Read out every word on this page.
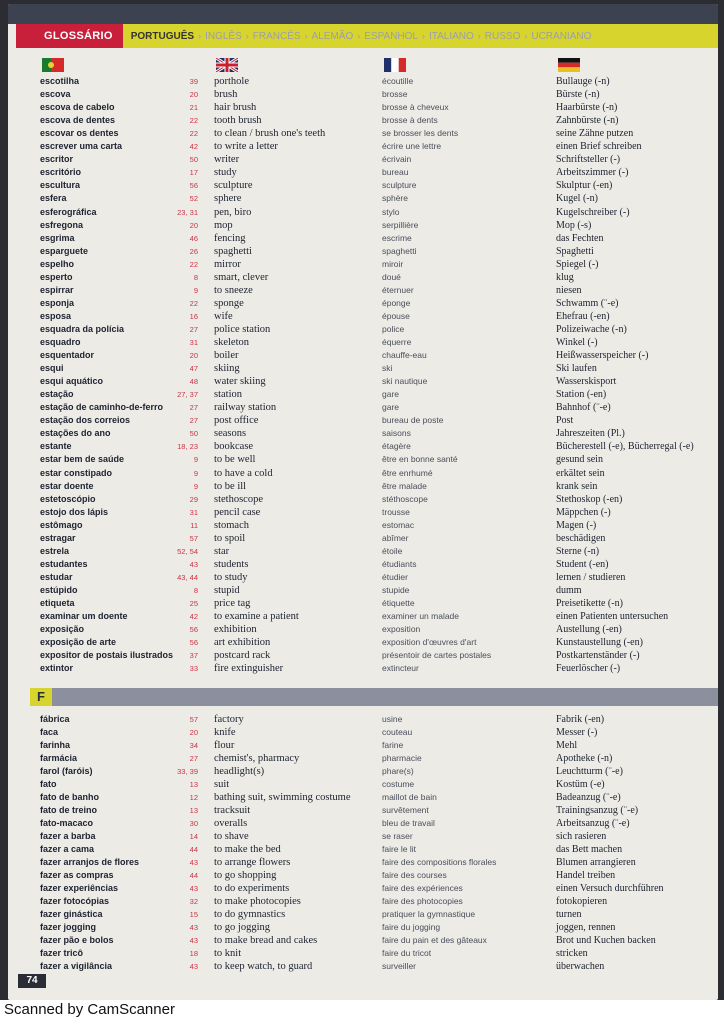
GLOSSÁRIO	PORTUGUÊS › INGLÊS › FRANCÊS › ALEMÃO › ESPANHOL › ITALIANO › RUSSO › UCRANIANO
escotilha	39 porthole	écoutille	Bullauge (-n)
escova	20 brush	brosse	Bürste (-n)
escova de cabelo	21 hair brush	brosse à cheveux	Haarbürste (-n)
escova de dentes	22 tooth brush	brosse à dents	Zahnbürste (-n)
escovar os dentes	22 to clean / brush one's teeth	se brosser les dents	seine Zähne putzen
escrever uma carta	42 to write a letter	écrire une lettre	einen Brief schreiben
escritor	50 writer	écrivain	Schriftsteller (-)
escritório	17 study	bureau	Arbeitszimmer (-)
escultura	56 sculpture	sculpture	Skulptur (-en)
esfera	52 sphere	sphère	Kugel (-n)
esferográfica	23, 31 pen, biro	stylo	Kugelschreiber (-)
esfregona	20 mop	serpillière	Mop (-s)
esgrima	46 fencing	escrime	das Fechten
esparguete	26 spaghetti	spaghetti	Spaghetti
espelho	22 mirror	miroir	Spiegel (-)
esperto	8 smart, clever	doué	klug
espirrar	9 to sneeze	éternuer	niesen
esponja	22 sponge	éponge	Schwamm (¨-e)
esposa	16 wife	épouse	Ehefrau (-en)
esquadra da polícia	27 police station	police	Polizeiwache (-n)
esquadro	31 skeleton	équerre	Winkel (-)
esquentador	20 boiler	chauffe-eau	Heißwasserspeicher (-)
esqui	47 skiing	ski	Ski laufen
esqui aquático	48 water skiing	ski nautique	Wasserskisport
estação	27, 37 station	gare	Station (-en)
estação de caminho-de-ferro	27 railway station	gare	Bahnhof (¨-e)
estação dos correios	27 post office	bureau de poste	Post
estações do ano	50 seasons	saisons	Jahreszeiten (Pl.)
estante	18, 23 bookcase	étagère	Bücherestell (-e), Bücherregal (-e)
estar bem de saúde	9 to be well	être en bonne santé	gesund sein
estar constipado	9 to have a cold	être enrhumé	erkältet sein
estar doente	9 to be ill	être malade	krank sein
estetoscópio	29 stethoscope	stéthoscope	Stethoskop (-en)
estojo dos lápis	31 pencil case	trousse	Mäppchen (-)
estômago	11 stomach	estomac	Magen (-)
estragar	57 to spoil	abîmer	beschädigen
estrela	52, 54 star	étoile	Sterne (-n)
estudantes	43 students	étudiants	Student (-en)
estudar	43, 44 to study	étudier	lernen / studieren
estúpido	8 stupid	stupide	dumm
etiqueta	25 price tag	étiquette	Preisetikette (-n)
examinar um doente	42 to examine a patient	examiner un malade	einen Patienten untersuchen
exposição	56 exhibition	exposition	Austellung (-en)
exposição de arte	56 art exhibition	exposition d'œuvres d'art	Kunstaustellung (-en)
expositor de postais ilustrados	37 postcard rack	présentoir de cartes postales	Postkartenständer (-)
extintor	33 fire extinguisher	extincteur	Feuerlöscher (-)
F
fábrica	57 factory	usine	Fabrik (-en)
faca	20 knife	couteau	Messer (-)
farinha	34 flour	farine	Mehl
farmácia	27 chemist's, pharmacy	pharmacie	Apotheke (-n)
farol (faróis)	33, 39 headlight(s)	phare(s)	Leuchtturm (¨-e)
fato	13 suit	costume	Kostüm (-e)
fato de banho	12 bathing suit, swimming costume	maillot de bain	Badeanzug (¨-e)
fato de treino	13 tracksuit	survêtement	Trainingsanzug (¨-e)
fato-macaco	30 overalls	bleu de travail	Arbeitsanzug (¨-e)
fazer a barba	14 to shave	se raser	sich rasieren
fazer a cama	44 to make the bed	faire le lit	das Bett machen
fazer arranjos de flores	43 to arrange flowers	faire des compositions florales	Blumen arrangieren
fazer as compras	44 to go shopping	faire des courses	Handel treiben
fazer experiências	43 to do experiments	faire des expériences	einen Versuch durchführen
fazer fotocópias	32 to make photocopies	faire des photocopies	fotokopieren
fazer ginástica	15 to do gymnastics	pratiquer la gymnastique	turnen
fazer jogging	43 to go jogging	faire du jogging	joggen, rennen
fazer pão e bolos	43 to make bread and cakes	faire du pain et des gâteaux	Brot und Kuchen backen
fazer tricô	18 to knit	faire du tricot	stricken
fazer a vigilância	43 to keep watch, to guard	surveiller	überwachen
74
Scanned by CamScanner
